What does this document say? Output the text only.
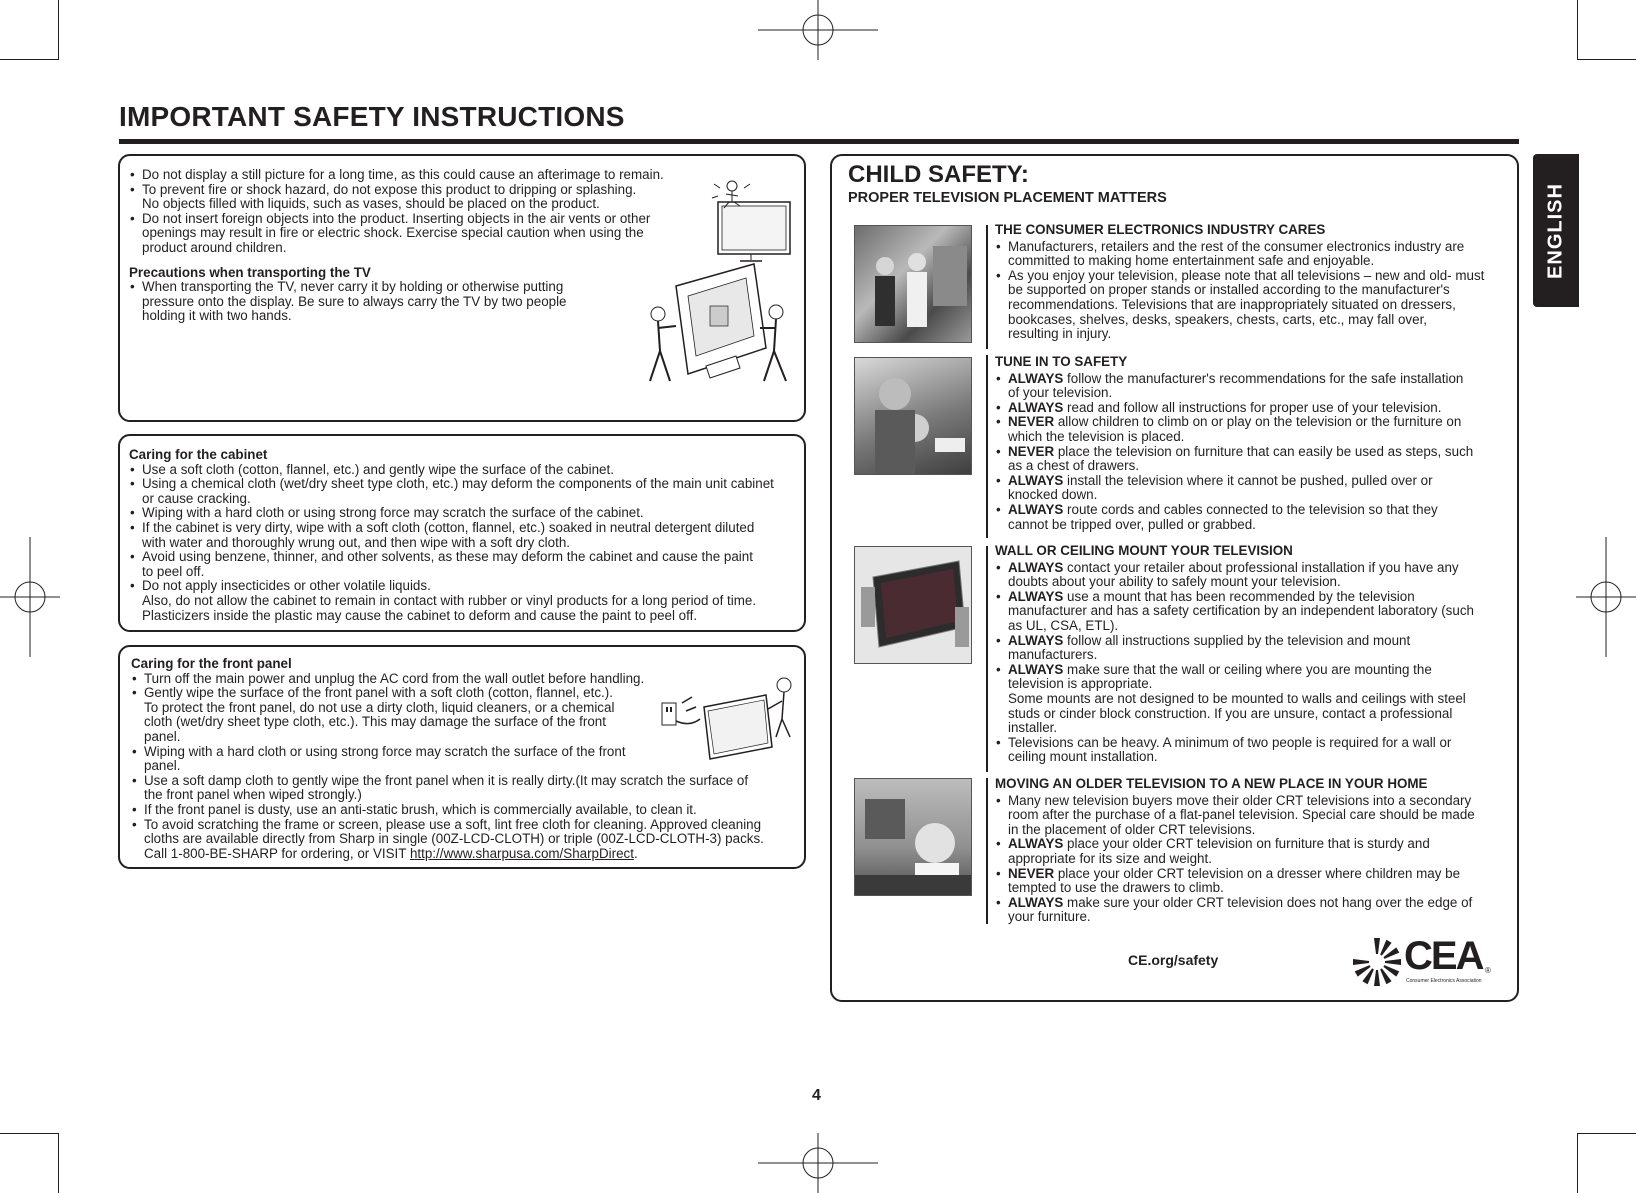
IMPORTANT SAFETY INSTRUCTIONS
ENGLISH
• Do not display a still picture for a long time, as this could cause an afterimage to remain.
• To prevent fire or shock hazard, do not expose this product to dripping or splashing.
No objects filled with liquids, such as vases, should be placed on the product.
• Do not insert foreign objects into the product. Inserting objects in the air vents or other
openings may result in fire or electric shock. Exercise special caution when using the
product around children.
Precautions when transporting the TV
• When transporting the TV, never carry it by holding or otherwise putting
pressure onto the display. Be sure to always carry the TV by two people
holding it with two hands.
Caring for the cabinet
• Use a soft cloth (cotton, flannel, etc.) and gently wipe the surface of the cabinet.
• Using a chemical cloth (wet/dry sheet type cloth, etc.) may deform the components of the main unit cabinet
or cause cracking.
• Wiping with a hard cloth or using strong force may scratch the surface of the cabinet.
• If the cabinet is very dirty, wipe with a soft cloth (cotton, flannel, etc.) soaked in neutral detergent diluted
with water and thoroughly wrung out, and then wipe with a soft dry cloth.
• Avoid using benzene, thinner, and other solvents, as these may deform the cabinet and cause the paint
to peel off.
• Do not apply insecticides or other volatile liquids.
Also, do not allow the cabinet to remain in contact with rubber or vinyl products for a long period of time.
Plasticizers inside the plastic may cause the cabinet to deform and cause the paint to peel off.
Caring for the front panel
• Turn off the main power and unplug the AC cord from the wall outlet before handling.
• Gently wipe the surface of the front panel with a soft cloth (cotton, flannel, etc.).
To protect the front panel, do not use a dirty cloth, liquid cleaners, or a chemical
cloth (wet/dry sheet type cloth, etc.). This may damage the surface of the front
panel.
• Wiping with a hard cloth or using strong force may scratch the surface of the front
panel.
• Use a soft damp cloth to gently wipe the front panel when it is really dirty.(It may scratch the surface of
the front panel when wiped strongly.)
• If the front panel is dusty, use an anti-static brush, which is commercially available, to clean it.
• To avoid scratching the frame or screen, please use a soft, lint free cloth for cleaning. Approved cleaning
cloths are available directly from Sharp in single (00Z-LCD-CLOTH) or triple (00Z-LCD-CLOTH-3) packs.
Call 1-800-BE-SHARP for ordering, or VISIT http://www.sharpusa.com/SharpDirect.
CHILD SAFETY:
PROPER TELEVISION PLACEMENT MATTERS
THE CONSUMER ELECTRONICS INDUSTRY CARES
• Manufacturers, retailers and the rest of the consumer electronics industry are
committed to making home entertainment safe and enjoyable.
• As you enjoy your television, please note that all televisions – new and old- must
be supported on proper stands or installed according to the manufacturer's
recommendations. Televisions that are inappropriately situated on dressers,
bookcases, shelves, desks, speakers, chests, carts, etc., may fall over,
resulting in injury.
TUNE IN TO SAFETY
• ALWAYS follow the manufacturer's recommendations for the safe installation
of your television.
• ALWAYS read and follow all instructions for proper use of your television.
• NEVER allow children to climb on or play on the television or the furniture on
which the television is placed.
• NEVER place the television on furniture that can easily be used as steps, such
as a chest of drawers.
• ALWAYS install the television where it cannot be pushed, pulled over or
knocked down.
• ALWAYS route cords and cables connected to the television so that they
cannot be tripped over, pulled or grabbed.
WALL OR CEILING MOUNT YOUR TELEVISION
• ALWAYS contact your retailer about professional installation if you have any
doubts about your ability to safely mount your television.
• ALWAYS use a mount that has been recommended by the television
manufacturer and has a safety certification by an independent laboratory (such
as UL, CSA, ETL).
• ALWAYS follow all instructions supplied by the television and mount
manufacturers.
• ALWAYS make sure that the wall or ceiling where you are mounting the
television is appropriate.
Some mounts are not designed to be mounted to walls and ceilings with steel
studs or cinder block construction. If you are unsure, contact a professional
installer.
• Televisions can be heavy. A minimum of two people is required for a wall or
ceiling mount installation.
MOVING AN OLDER TELEVISION TO A NEW PLACE IN YOUR HOME
• Many new television buyers move their older CRT televisions into a secondary
room after the purchase of a flat-panel television. Special care should be made
in the placement of older CRT televisions.
• ALWAYS place your older CRT television on furniture that is sturdy and
appropriate for its size and weight.
• NEVER place your older CRT television on a dresser where children may be
tempted to use the drawers to climb.
• ALWAYS make sure your older CRT television does not hang over the edge of
your furniture.
CE.org/safety	CEA ®
Consumer Electronics Association
4
